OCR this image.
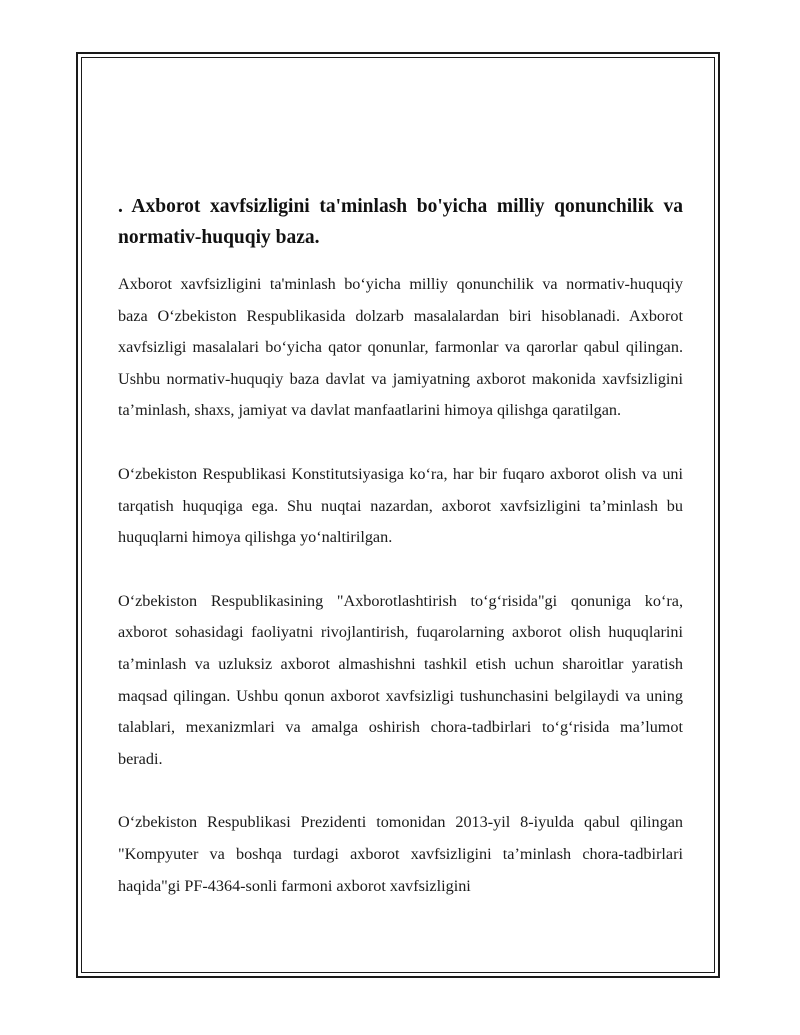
. Axborot xavfsizligini ta'minlash bo'yicha milliy qonunchilik va normativ-huquqiy baza.

Axborot xavfsizligini ta'minlash bo‘yicha milliy qonunchilik va normativ-huquqiy baza O‘zbekiston Respublikasida dolzarb masalalardan biri hisoblanadi. Axborot xavfsizligi masalalari bo‘yicha qator qonunlar, farmonlar va qarorlar qabul qilingan. Ushbu normativ-huquqiy baza davlat va jamiyatning axborot makonida xavfsizligini ta’minlash, shaxs, jamiyat va davlat manfaatlarini himoya qilishga qaratilgan.

O‘zbekiston Respublikasi Konstitutsiyasiga ko‘ra, har bir fuqaro axborot olish va uni tarqatish huquqiga ega. Shu nuqtai nazardan, axborot xavfsizligini ta’minlash bu huquqlarni himoya qilishga yo‘naltirilgan.

O‘zbekiston Respublikasining "Axborotlashtirish to‘g‘risida"gi qonuniga ko‘ra, axborot sohasidagi faoliyatni rivojlantirish, fuqarolarning axborot olish huquqlarini ta’minlash va uzluksiz axborot almashishni tashkil etish uchun sharoitlar yaratish maqsad qilingan. Ushbu qonun axborot xavfsizligi tushunchasini belgilaydi va uning talablari, mexanizmlari va amalga oshirish chora-tadbirlari to‘g‘risida ma’lumot beradi.

O‘zbekiston Respublikasi Prezidenti tomonidan 2013-yil 8-iyulda qabul qilingan "Kompyuter va boshqa turdagi axborot xavfsizligini ta’minlash chora-tadbirlari haqida"gi PF-4364-sonli farmoni axborot xavfsizligini
